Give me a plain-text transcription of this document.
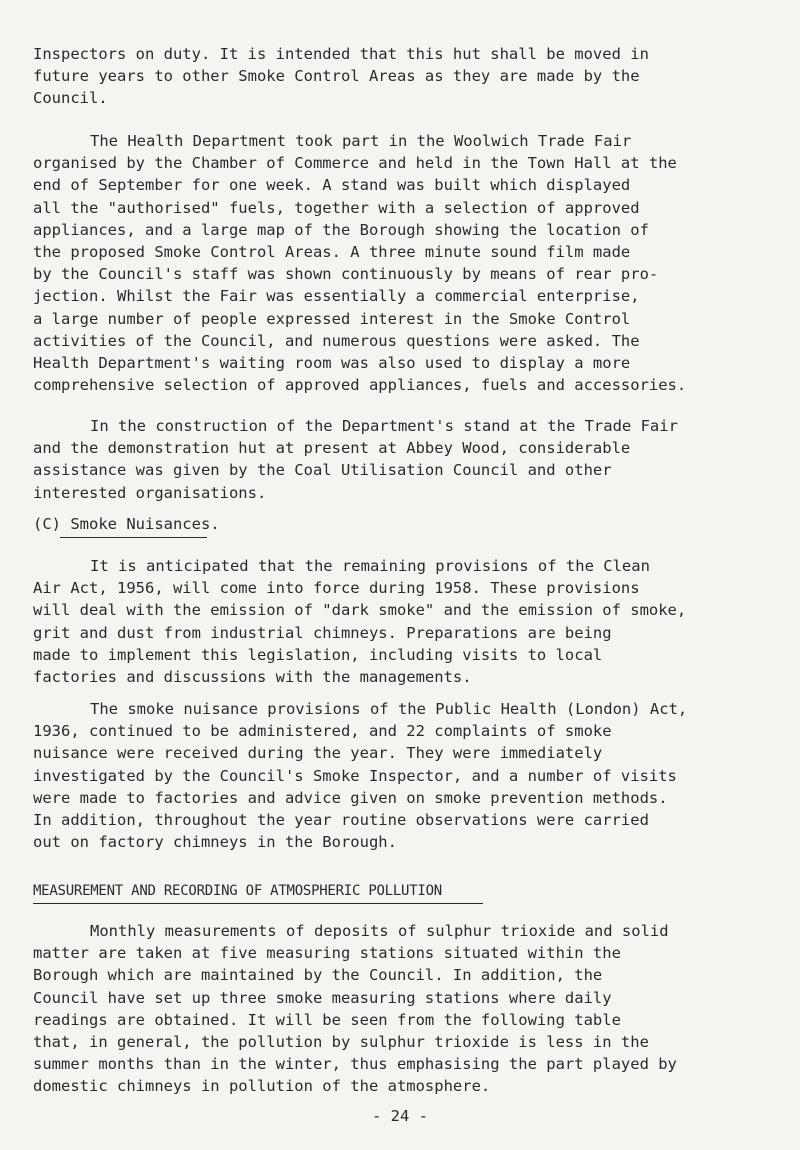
Inspectors on duty. It is intended that this hut shall be moved in
future years to other Smoke Control Areas as they are made by the
Council.
The Health Department took part in the Woolwich Trade Fair
organised by the Chamber of Commerce and held in the Town Hall at the
end of September for one week. A stand was built which displayed
all the "authorised" fuels, together with a selection of approved
appliances, and a large map of the Borough showing the location of
the proposed Smoke Control Areas. A three minute sound film made
by the Council's staff was shown continuously by means of rear pro-
jection. Whilst the Fair was essentially a commercial enterprise,
a large number of people expressed interest in the Smoke Control
activities of the Council, and numerous questions were asked. The
Health Department's waiting room was also used to display a more
comprehensive selection of approved appliances, fuels and accessories.
In the construction of the Department's stand at the Trade Fair
and the demonstration hut at present at Abbey Wood, considerable
assistance was given by the Coal Utilisation Council and other
interested organisations.
(C) Smoke Nuisances.
It is anticipated that the remaining provisions of the Clean
Air Act, 1956, will come into force during 1958. These provisions
will deal with the emission of "dark smoke" and the emission of smoke,
grit and dust from industrial chimneys. Preparations are being
made to implement this legislation, including visits to local
factories and discussions with the managements.
The smoke nuisance provisions of the Public Health (London) Act,
1936, continued to be administered, and 22 complaints of smoke
nuisance were received during the year. They were immediately
investigated by the Council's Smoke Inspector, and a number of visits
were made to factories and advice given on smoke prevention methods.
In addition, throughout the year routine observations were carried
out on factory chimneys in the Borough.
MEASUREMENT AND RECORDING OF ATMOSPHERIC POLLUTION
Monthly measurements of deposits of sulphur trioxide and solid
matter are taken at five measuring stations situated within the
Borough which are maintained by the Council. In addition, the
Council have set up three smoke measuring stations where daily
readings are obtained. It will be seen from the following table
that, in general, the pollution by sulphur trioxide is less in the
summer months than in the winter, thus emphasising the part played by
domestic chimneys in pollution of the atmosphere.
- 24 -
